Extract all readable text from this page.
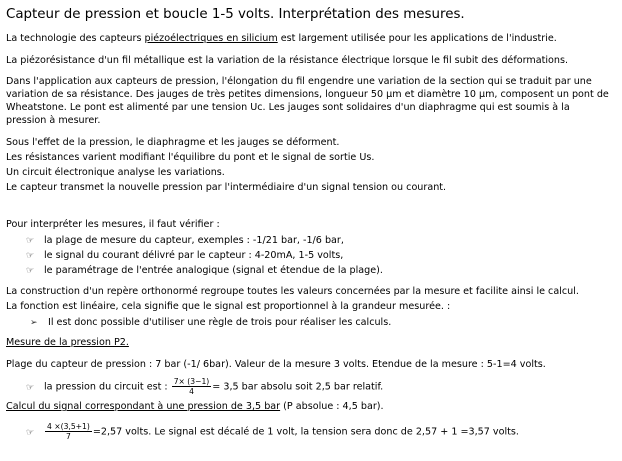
Capteur de pression et boucle 1-5 volts. Interprétation des mesures.

La technologie des capteurs piézoélectriques en silicium est largement utilisée pour les applications de l'industrie.

La piézorésistance d'un fil métallique est la variation de la résistance électrique lorsque le fil subit des déformations.

Dans l'application aux capteurs de pression, l'élongation du fil engendre une variation de la section qui se traduit par une variation de sa résistance. Des jauges de très petites dimensions, longueur 50 µm et diamètre 10 µm, composent un pont de Wheatstone. Le pont est alimenté par une tension Uc. Les jauges sont solidaires d'un diaphragme qui est soumis à la pression à mesurer.

Sous l'effet de la pression, le diaphragme et les jauges se déforment.

Les résistances varient modifiant l'équilibre du pont et le signal de sortie Us.

Un circuit électronique analyse les variations.

Le capteur transmet la nouvelle pression par l'intermédiaire d'un signal tension ou courant.

Pour interpréter les mesures, il faut vérifier :

☞ la plage de mesure du capteur, exemples : -1/21 bar, -1/6 bar,
☞ le signal du courant délivré par le capteur : 4-20mA, 1-5 volts,
☞ le paramétrage de l'entrée analogique (signal et étendue de la plage).

La construction d'un repère orthonormé regroupe toutes les valeurs concernées par la mesure et facilite ainsi le calcul.

La fonction est linéaire, cela signifie que le signal est proportionnel à la grandeur mesurée. :

➢ Il est donc possible d'utiliser une règle de trois pour réaliser les calculs.

Mesure de la pression P2.

Plage du capteur de pression : 7 bar (-1/ 6bar). Valeur de la mesure 3 volts. Etendue de la mesure : 5-1=4 volts.

☞ la pression du circuit est : $\frac{7\times (3-1)}{4} = 3,5$ bar absolu soit 2,5 bar relatif.

Calcul du signal correspondant à une pression de 3,5 bar (P absolue : 4,5 bar).

☞ $\frac{4 \times(3,5+1)}{7} =2,57$ volts. Le signal est décalé de 1 volt, la tension sera donc de 2,57 + 1 =3,57 volts.
